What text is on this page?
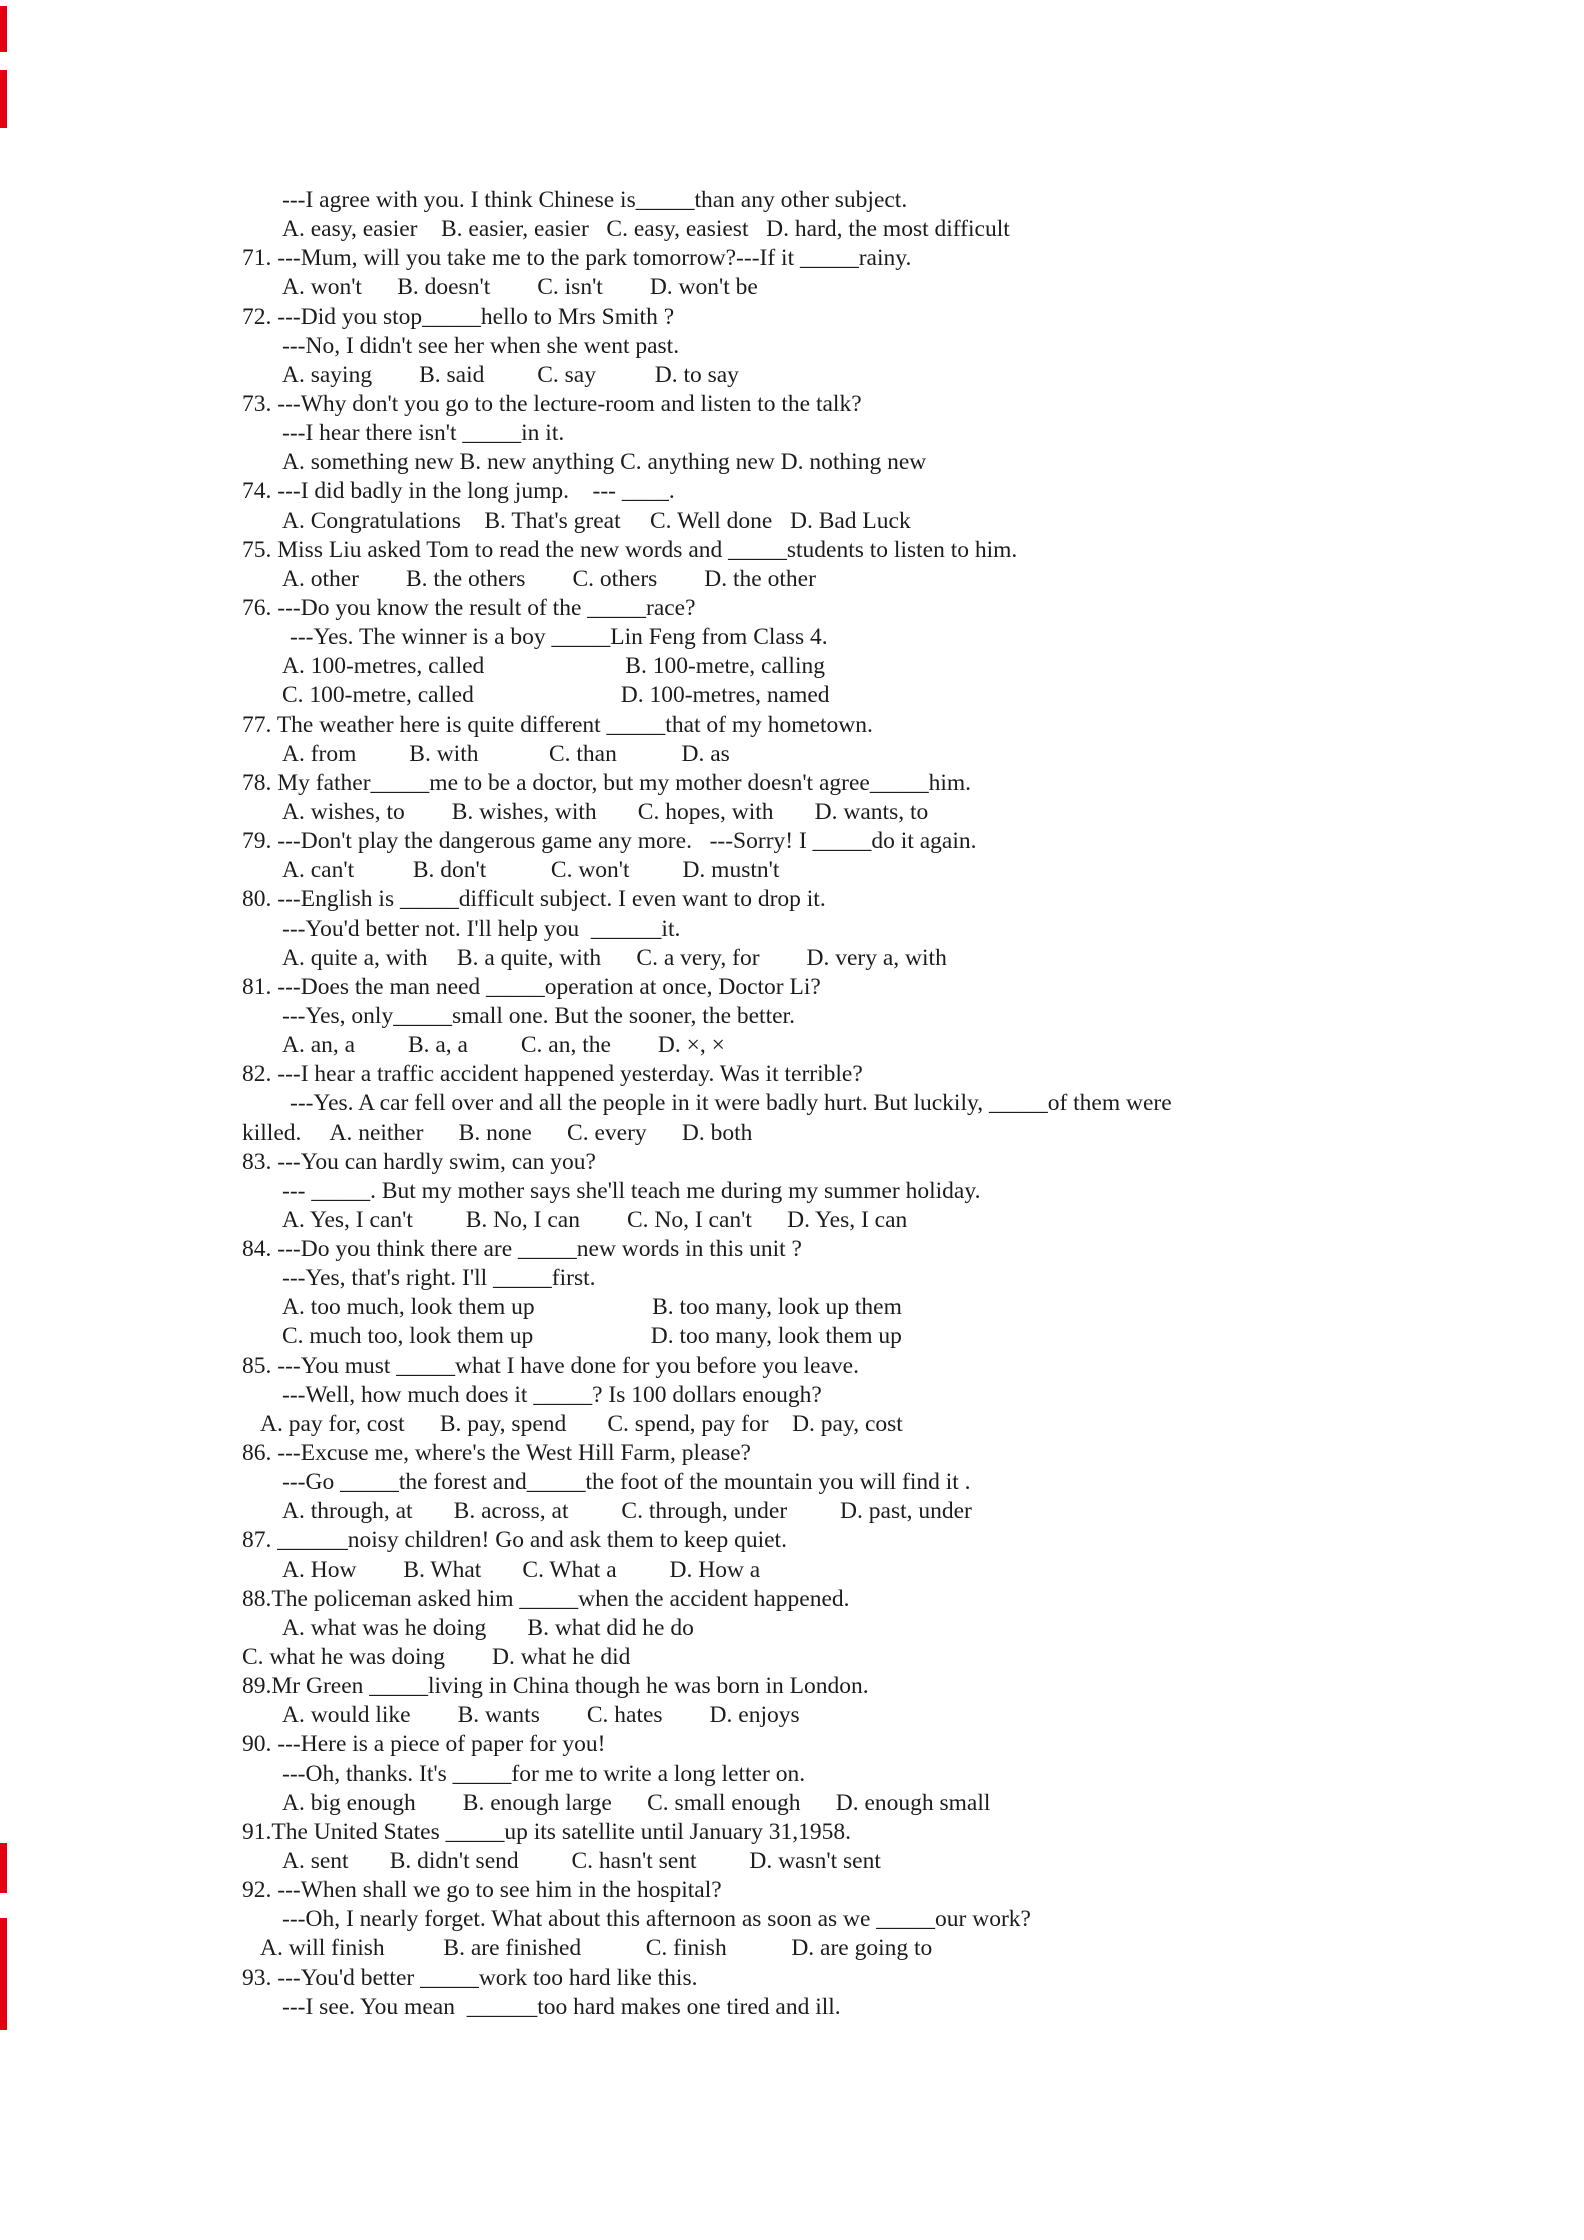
---I agree with you. I think Chinese is_____than any other subject.
A. easy, easier    B. easier, easier   C. easy, easiest   D. hard, the most difficult
71. ---Mum, will you take me to the park tomorrow?---If it _____rainy.
A. won't      B. doesn't        C. isn't        D. won't be
72. ---Did you stop_____hello to Mrs Smith ?
---No, I didn't see her when she went past.
A. saying        B. said         C. say          D. to say
73. ---Why don't you go to the lecture-room and listen to the talk?
---I hear there isn't _____in it.
A. something new B. new anything C. anything new D. nothing new
74. ---I did badly in the long jump.    --- ____.
A. Congratulations    B. That's great     C. Well done   D. Bad Luck
75. Miss Liu asked Tom to read the new words and _____students to listen to him.
A. other        B. the others        C. others        D. the other
76. ---Do you know the result of the _____race?
---Yes. The winner is a boy _____Lin Feng from Class 4.
A. 100-metres, called                        B. 100-metre, calling
C. 100-metre, called                         D. 100-metres, named
77. The weather here is quite different _____that of my hometown.
A. from         B. with            C. than           D. as
78. My father_____me to be a doctor, but my mother doesn't agree_____him.
A. wishes, to        B. wishes, with       C. hopes, with       D. wants, to
79. ---Don't play the dangerous game any more.   ---Sorry! I _____do it again.
A. can't          B. don't           C. won't         D. mustn't
80. ---English is _____difficult subject. I even want to drop it.
---You'd better not. I'll help you  ______it.
A. quite a, with     B. a quite, with      C. a very, for        D. very a, with
81. ---Does the man need _____operation at once, Doctor Li?
---Yes, only_____small one. But the sooner, the better.
A. an, a         B. a, a         C. an, the        D. ×, ×
82. ---I hear a traffic accident happened yesterday. Was it terrible?
---Yes. A car fell over and all the people in it were badly hurt. But luckily, _____of them were
killed.     A. neither      B. none      C. every      D. both
83. ---You can hardly swim, can you?
--- _____. But my mother says she'll teach me during my summer holiday.
A. Yes, I can't         B. No, I can        C. No, I can't      D. Yes, I can
84. ---Do you think there are _____new words in this unit ?
---Yes, that's right. I'll _____first.
A. too much, look them up                    B. too many, look up them
C. much too, look them up                    D. too many, look them up
85. ---You must _____what I have done for you before you leave.
---Well, how much does it _____? Is 100 dollars enough?
A. pay for, cost      B. pay, spend       C. spend, pay for    D. pay, cost
86. ---Excuse me, where's the West Hill Farm, please?
---Go _____the forest and_____the foot of the mountain you will find it .
A. through, at       B. across, at         C. through, under         D. past, under
87. ______noisy children! Go and ask them to keep quiet.
A. How        B. What       C. What a         D. How a
88.The policeman asked him _____when the accident happened.
A. what was he doing       B. what did he do
C. what he was doing        D. what he did
89.Mr Green _____living in China though he was born in London.
A. would like        B. wants        C. hates        D. enjoys
90. ---Here is a piece of paper for you!
---Oh, thanks. It's _____for me to write a long letter on.
A. big enough        B. enough large      C. small enough      D. enough small
91.The United States _____up its satellite until January 31,1958.
A. sent       B. didn't send         C. hasn't sent         D. wasn't sent
92. ---When shall we go to see him in the hospital?
---Oh, I nearly forget. What about this afternoon as soon as we _____our work?
A. will finish          B. are finished           C. finish           D. are going to
93. ---You'd better _____work too hard like this.
---I see. You mean  ______too hard makes one tired and ill.
